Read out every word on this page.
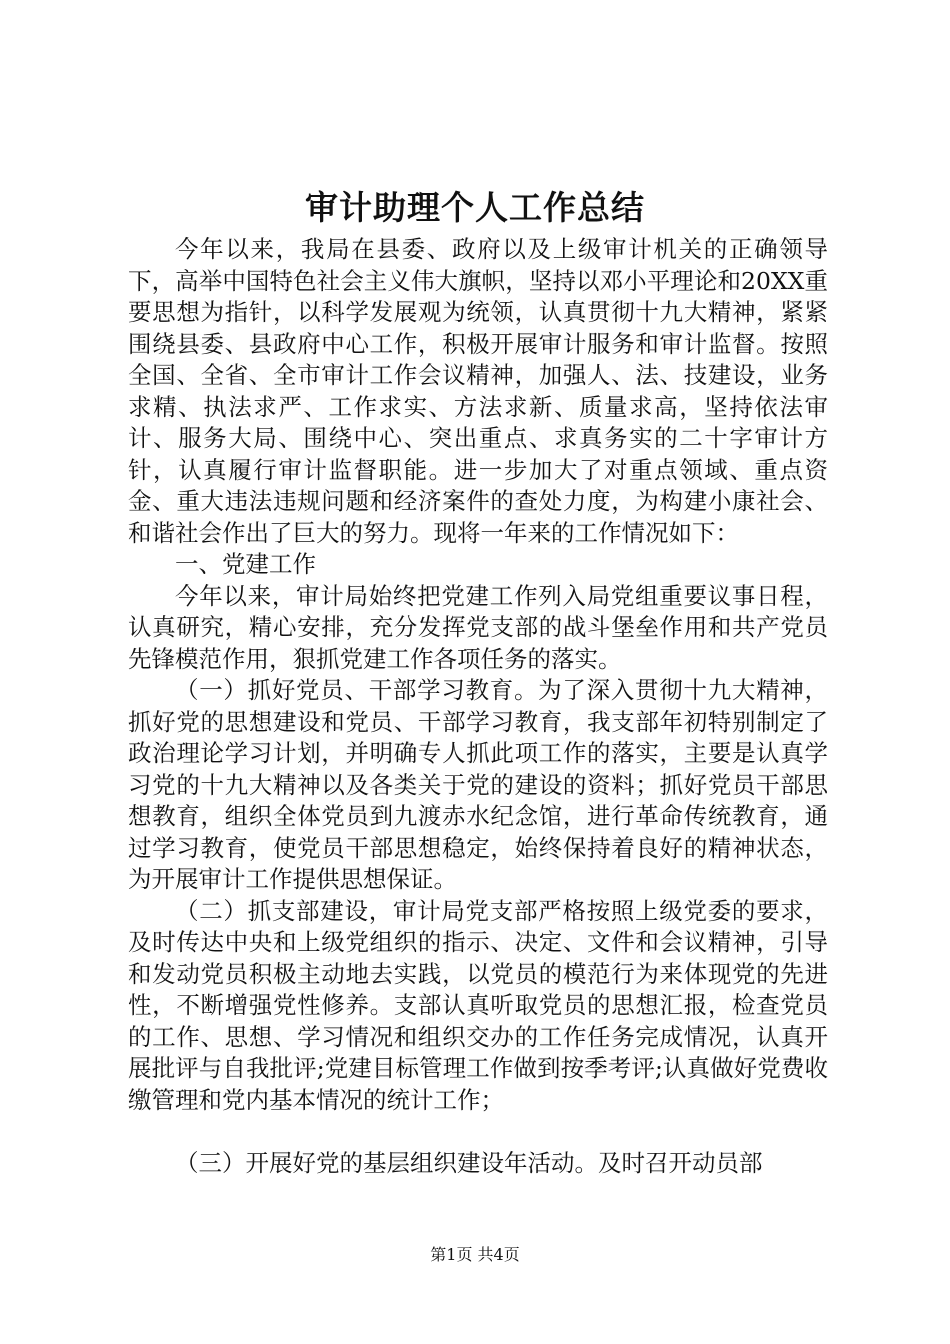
审计助理个人工作总结

今年以来，我局在县委、政府以及上级审计机关的正确领导下，高举中国特色社会主义伟大旗帜，坚持以邓小平理论和20XX重要思想为指针，以科学发展观为统领，认真贯彻十九大精神，紧紧围绕县委、县政府中心工作，积极开展审计服务和审计监督。按照全国、全省、全市审计工作会议精神，加强人、法、技建设，业务求精、执法求严、工作求实、方法求新、质量求高，坚持依法审计、服务大局、围绕中心、突出重点、求真务实的二十字审计方针，认真履行审计监督职能。进一步加大了对重点领域、重点资金、重大违法违规问题和经济案件的查处力度，为构建小康社会、和谐社会作出了巨大的努力。现将一年来的工作情况如下：

一、党建工作

今年以来，审计局始终把党建工作列入局党组重要议事日程，认真研究，精心安排，充分发挥党支部的战斗堡垒作用和共产党员先锋模范作用，狠抓党建工作各项任务的落实。

（一）抓好党员、干部学习教育。为了深入贯彻十九大精神，抓好党的思想建设和党员、干部学习教育，我支部年初特别制定了政治理论学习计划，并明确专人抓此项工作的落实，主要是认真学习党的十九大精神以及各类关于党的建设的资料；抓好党员干部思想教育，组织全体党员到九渡赤水纪念馆，进行革命传统教育，通过学习教育，使党员干部思想稳定，始终保持着良好的精神状态，为开展审计工作提供思想保证。

（二）抓支部建设，审计局党支部严格按照上级党委的要求，及时传达中央和上级党组织的指示、决定、文件和会议精神，引导和发动党员积极主动地去实践，以党员的模范行为来体现党的先进性，不断增强党性修养。支部认真听取党员的思想汇报，检查党员的工作、思想、学习情况和组织交办的工作任务完成情况，认真开展批评与自我批评;党建目标管理工作做到按季考评;认真做好党费收缴管理和党内基本情况的统计工作；

（三）开展好党的基层组织建设年活动。及时召开动员部

第1页 共4页
